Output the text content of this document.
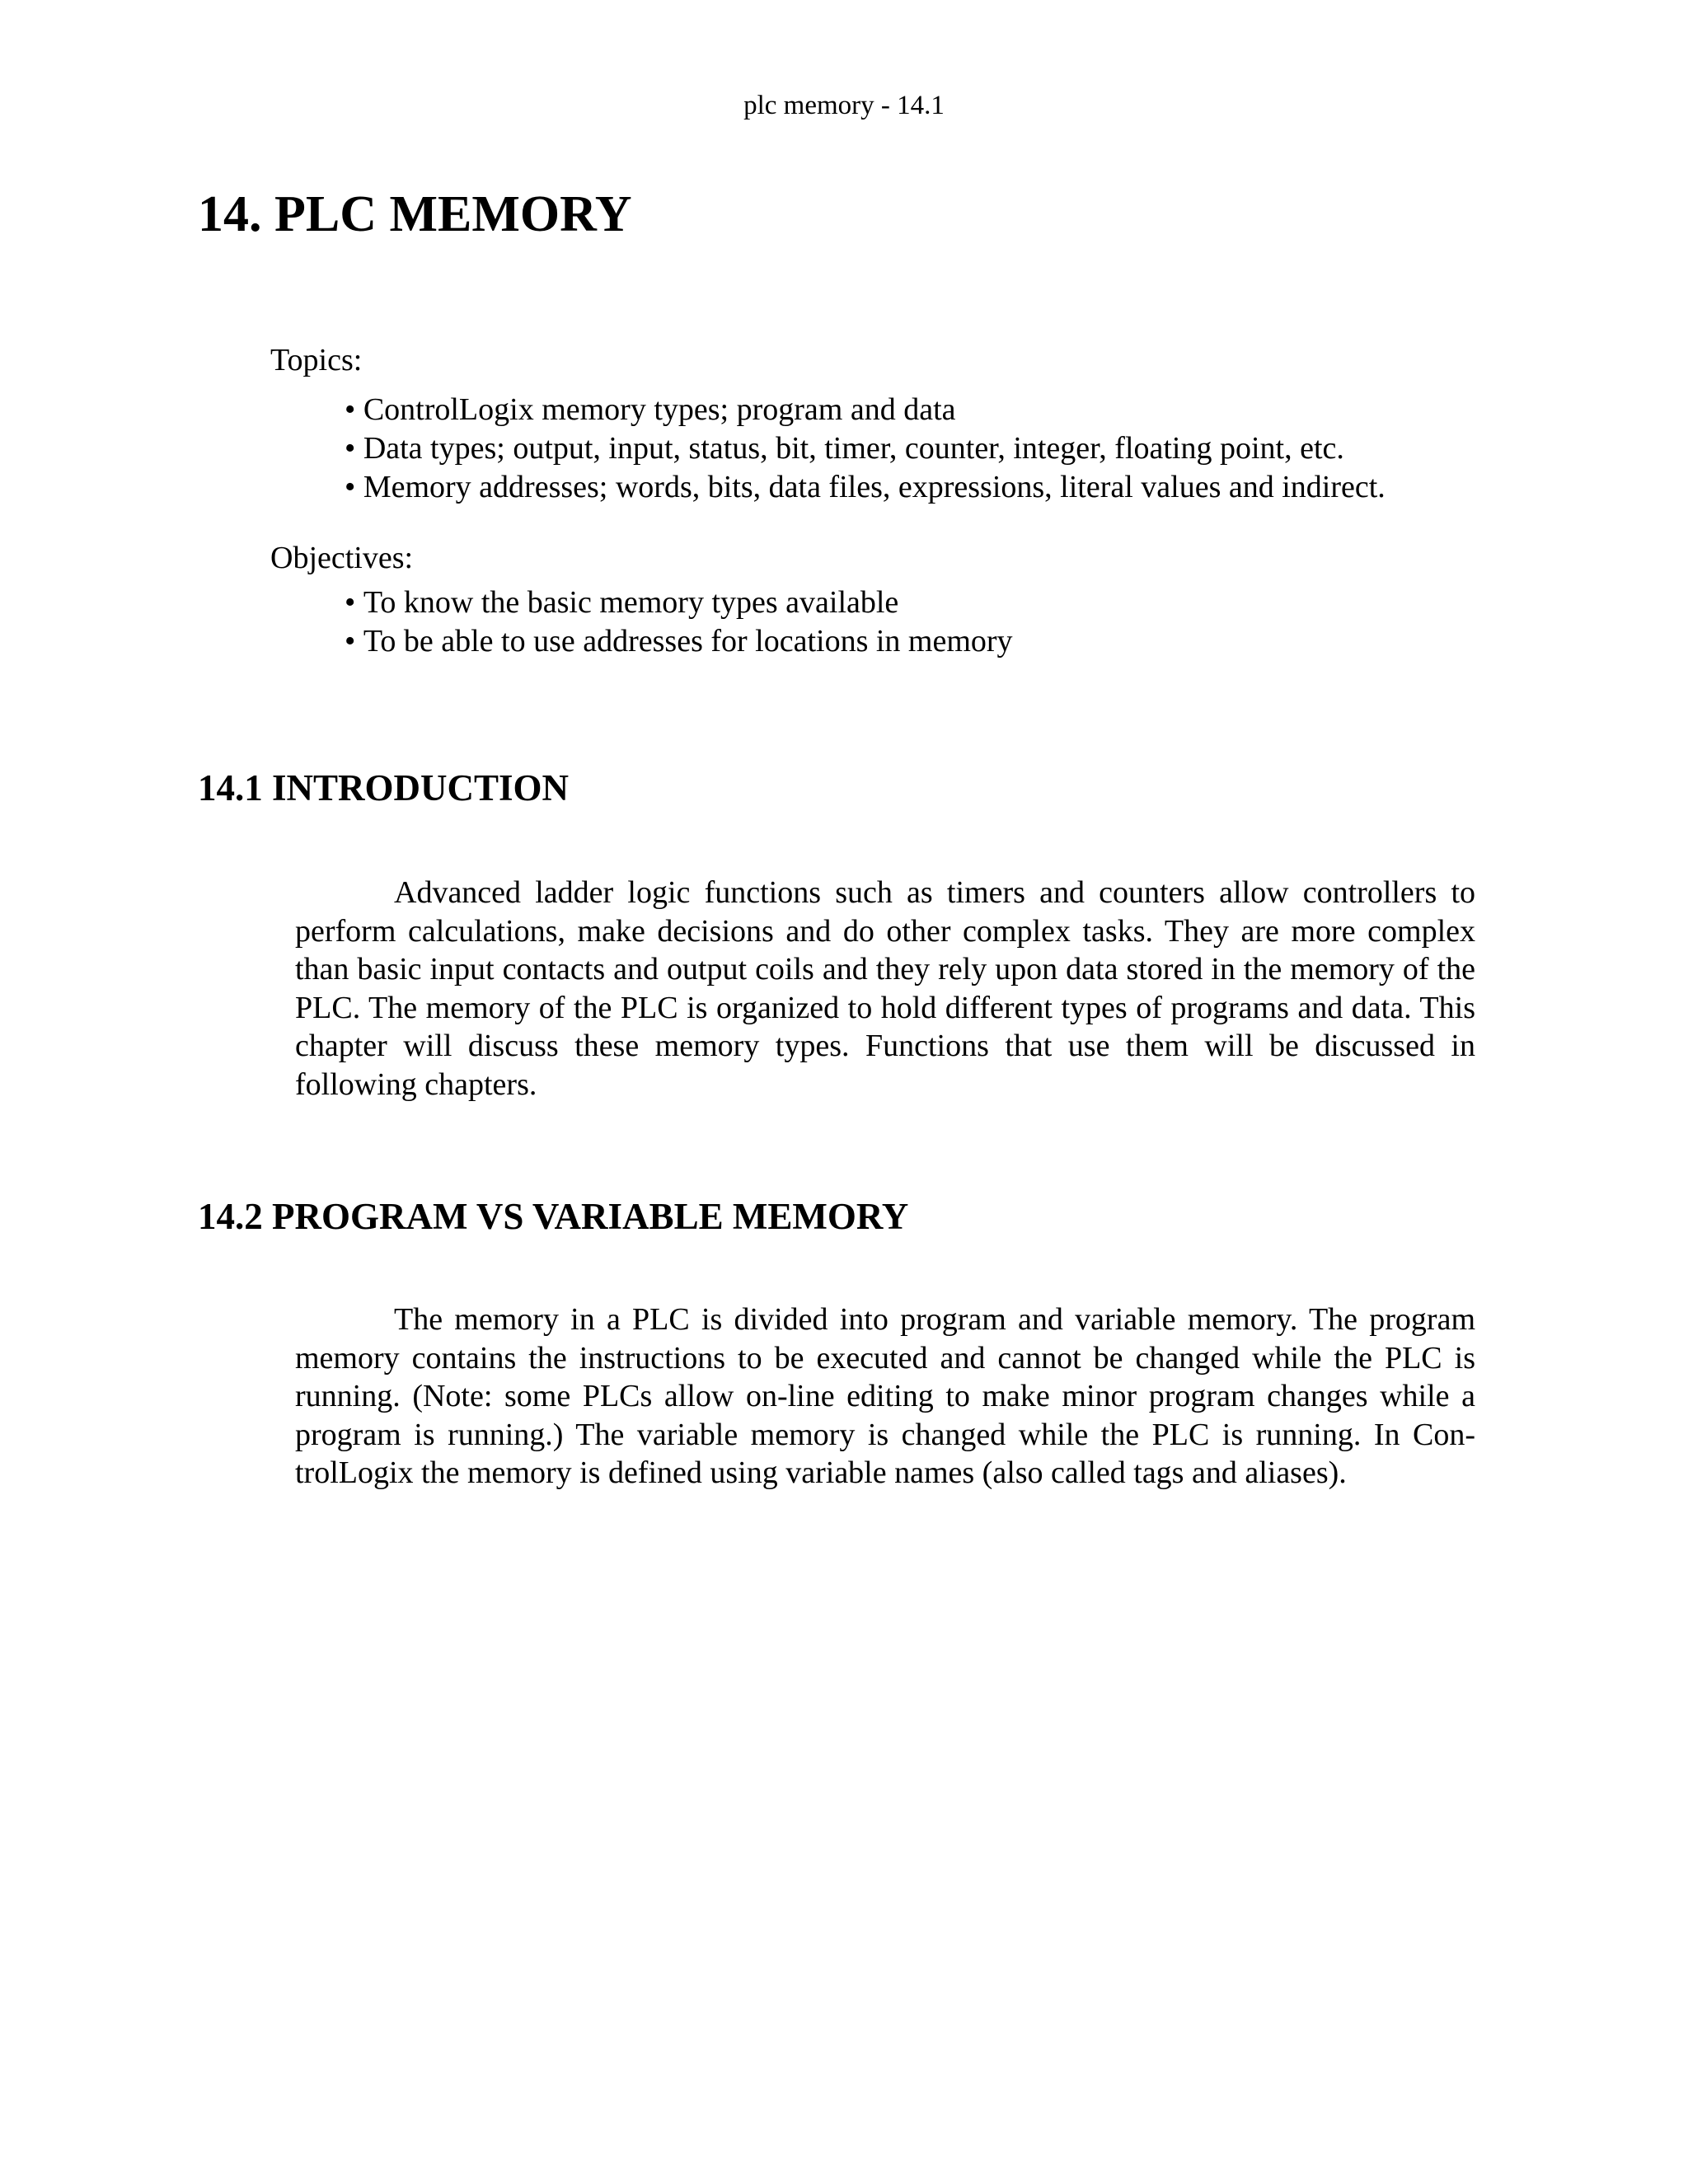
plc memory - 14.1
14. PLC MEMORY

Topics:

• ControlLogix memory types; program and data
• Data types; output, input, status, bit, timer, counter, integer, floating point, etc.
• Memory addresses; words, bits, data files, expressions, literal values and indirect.

Objectives:

• To know the basic memory types available
• To be able to use addresses for locations in memory
14.1 INTRODUCTION

Advanced ladder logic functions such as timers and counters allow controllers to perform calculations, make decisions and do other complex tasks. They are more complex than basic input contacts and output coils and they rely upon data stored in the memory of the PLC. The memory of the PLC is organized to hold different types of programs and data. This chapter will discuss these memory types. Functions that use them will be discussed in following chapters.

14.2 PROGRAM VS VARIABLE MEMORY

The memory in a PLC is divided into program and variable memory. The program memory contains the instructions to be executed and cannot be changed while the PLC is running. (Note: some PLCs allow on-line editing to make minor program changes while a program is running.) The variable memory is changed while the PLC is running. In ControlLogix the memory is defined using variable names (also called tags and aliases).
